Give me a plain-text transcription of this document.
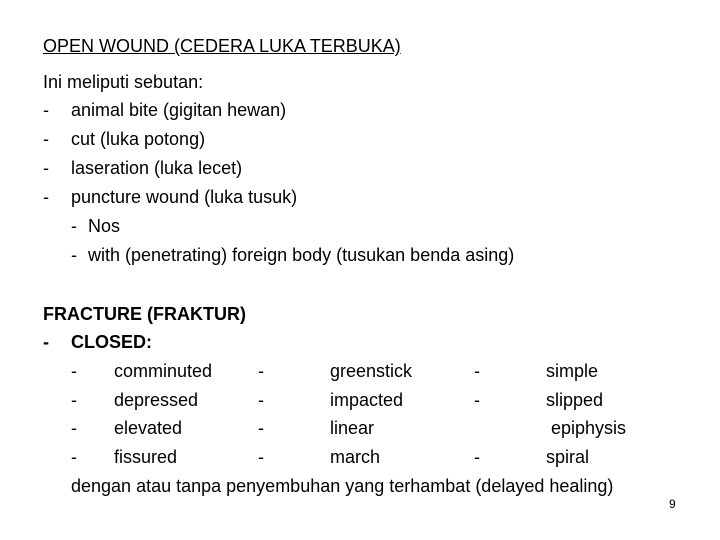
OPEN WOUND (CEDERA LUKA TERBUKA)
Ini meliputi sebutan:
- animal bite (gigitan hewan)
- cut (luka potong)
- laseration (luka lecet)
- puncture wound (luka tusuk)
- Nos
- with (penetrating) foreign body (tusukan benda asing)
FRACTURE (FRAKTUR)
- CLOSED:
- comminuted	-	greenstick	-	simple
- depressed	-	impacted	-	slipped
- elevated	-	linear	epiphysis
- fissured	-	march	-	spiral
dengan atau tanpa penyembuhan yang terhambat (delayed healing)
9
